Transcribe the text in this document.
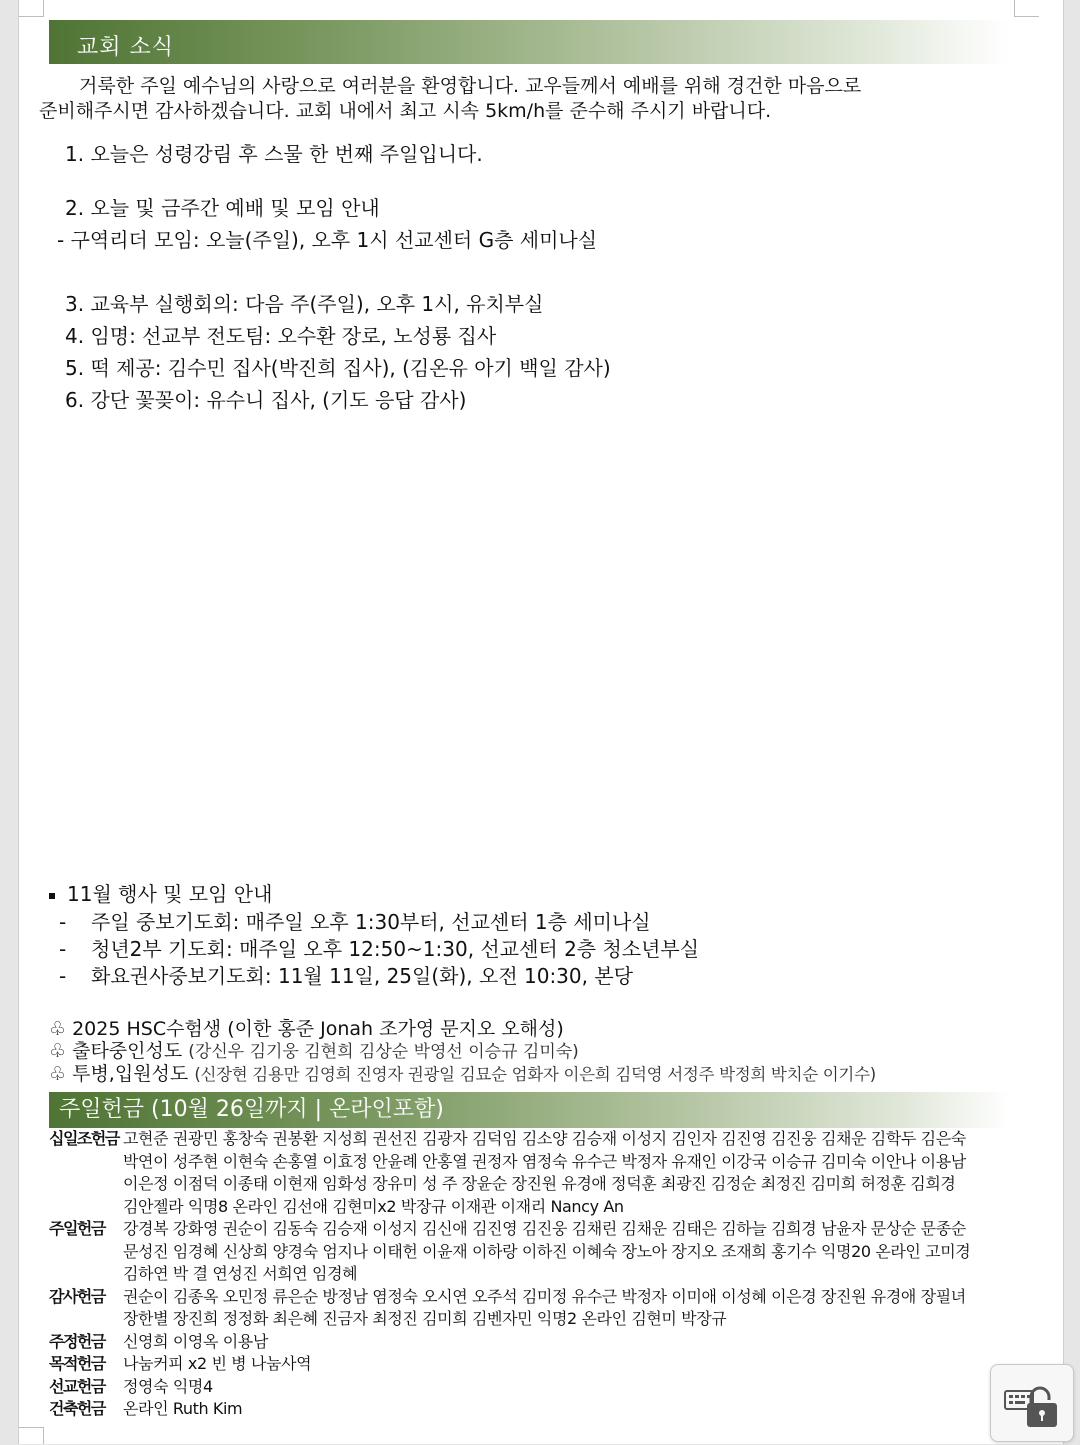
교회 소식
거룩한 주일 예수님의 사랑으로 여러분을 환영합니다. 교우들께서 예배를 위해 경건한 마음으로
준비해주시면 감사하겠습니다. 교회 내에서 최고 시속 5km/h를 준수해 주시기 바랍니다.
1. 오늘은 성령강림 후 스물 한 번째 주일입니다.
2. 오늘 및 금주간 예배 및 모임 안내
- 구역리더 모임: 오늘(주일), 오후 1시 선교센터 G층 세미나실
3. 교육부 실행회의: 다음 주(주일), 오후 1시, 유치부실
4. 임명: 선교부 전도팀: 오수환 장로, 노성룡 집사
5. 떡 제공: 김수민 집사(박진희 집사), (김온유 아기 백일 감사)
6. 강단 꽃꽂이: 유수니 집사, (기도 응답 감사)
11월 행사 및 모임 안내
- 주일 중보기도회: 매주일 오후 1:30부터, 선교센터 1층 세미나실
- 청년2부 기도회: 매주일 오후 12:50~1:30, 선교센터 2층 청소년부실
- 화요권사중보기도회: 11월 11일, 25일(화), 오전 10:30, 본당
♧ 2025 HSC수험생 (이한 홍준 Jonah 조가영 문지오 오해성)
♧ 출타중인성도 (강신우 김기웅 김현희 김상순 박영선 이승규 김미숙)
♧ 투병,입원성도 (신장현 김용만 김영희 진영자 권광일 김묘순 엄화자 이은희 김덕영 서정주 박정희 박치순 이기수)
주일헌금 (10월 26일까지 | 온라인포함)
십일조헌금 고현준 권광민 홍창숙 권봉환 지성희 권선진 김광자 김덕임 김소양 김승재 이성지 김인자 김진영 김진웅 김채운 김학두 김은숙
박연이 성주현 이현숙 손홍열 이효정 안윤례 안홍열 권정자 염정숙 유수근 박정자 유재인 이강국 이승규 김미숙 이안나 이용남
이은정 이점덕 이종태 이현재 임화성 장유미 성 주 장윤순 장진원 유경애 정덕훈 최광진 김정순 최정진 김미희 허정훈 김희경
김안젤라 익명8 온라인 김선애 김현미x2 박장규 이재관 이재리 Nancy An
주일헌금	강경복 강화영 권순이 김동숙 김승재 이성지 김신애 김진영 김진웅 김채린 김채운 김태은 김하늘 김희경 남윤자 문상순 문종순
문성진 임경혜 신상희 양경숙 엄지나 이태헌 이윤재 이하랑 이하진 이혜숙 장노아 장지오 조재희 홍기수 익명20 온라인 고미경
김하연 박 결 연성진 서희연 임경혜
감사헌금	권순이 김종옥 오민정 류은순 방정남 염정숙 오시연 오주석 김미정 유수근 박정자 이미애 이성혜 이은경 장진원 유경애 장필녀
장한별 장진희 정정화 최은혜 진금자 최정진 김미희 김벤자민 익명2 온라인 김현미 박장규
주정헌금	신영희 이영옥 이용남
목적헌금	나눔커피 x2 빈 병 나눔사역
선교헌금	정영숙 익명4
건축헌금	온라인 Ruth Kim
